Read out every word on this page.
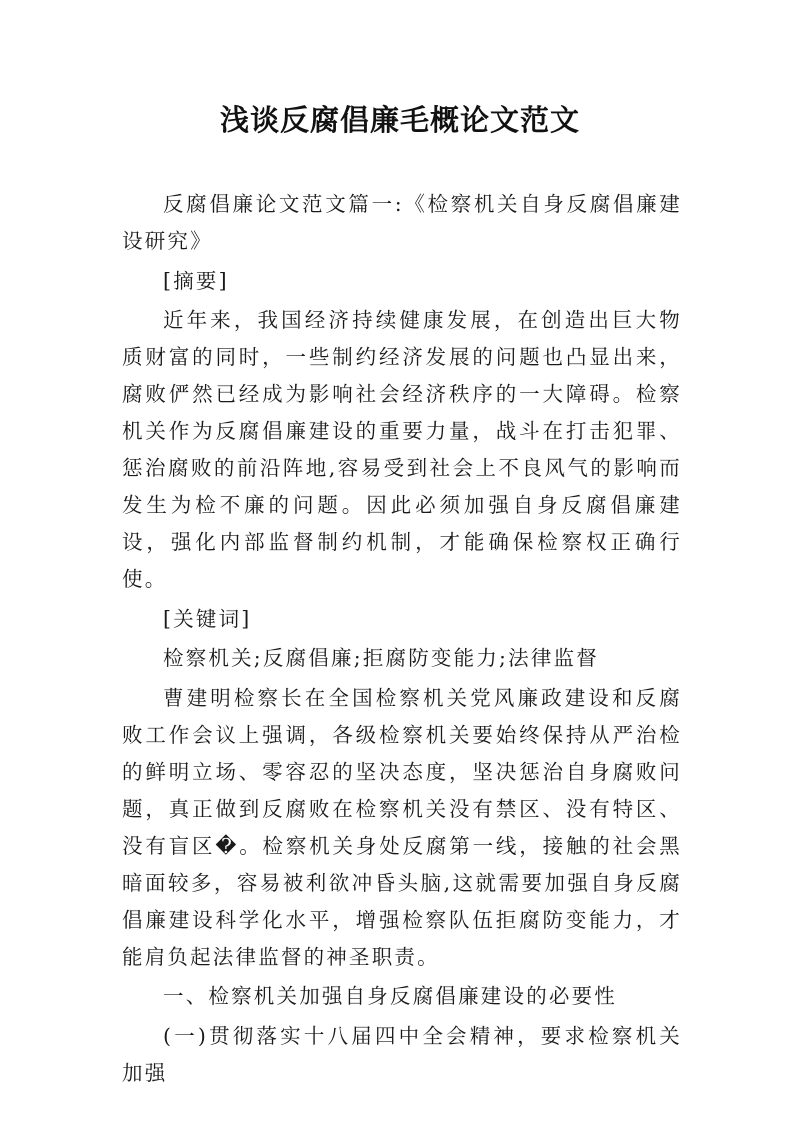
浅谈反腐倡廉毛概论文范文

反腐倡廉论文范文篇一:《检察机关自身反腐倡廉建设研究》

[摘要]

近年来，我国经济持续健康发展，在创造出巨大物质财富的同时，一些制约经济发展的问题也凸显出来，腐败俨然已经成为影响社会经济秩序的一大障碍。检察机关作为反腐倡廉建设的重要力量，战斗在打击犯罪、惩治腐败的前沿阵地,容易受到社会上不良风气的影响而发生为检不廉的问题。因此必须加强自身反腐倡廉建设，强化内部监督制约机制，才能确保检察权正确行使。

[关键词]

检察机关;反腐倡廉;拒腐防变能力;法律监督

曹建明检察长在全国检察机关党风廉政建设和反腐败工作会议上强调，各级检察机关要始终保持从严治检的鲜明立场、零容忍的坚决态度，坚决惩治自身腐败问题，真正做到反腐败在检察机关没有禁区、没有特区、没有盲区�。检察机关身处反腐第一线，接触的社会黑暗面较多，容易被利欲冲昏头脑,这就需要加强自身反腐倡廉建设科学化水平，增强检察队伍拒腐防变能力，才能肩负起法律监督的神圣职责。

一、检察机关加强自身反腐倡廉建设的必要性

(一)贯彻落实十八届四中全会精神，要求检察机关加强
